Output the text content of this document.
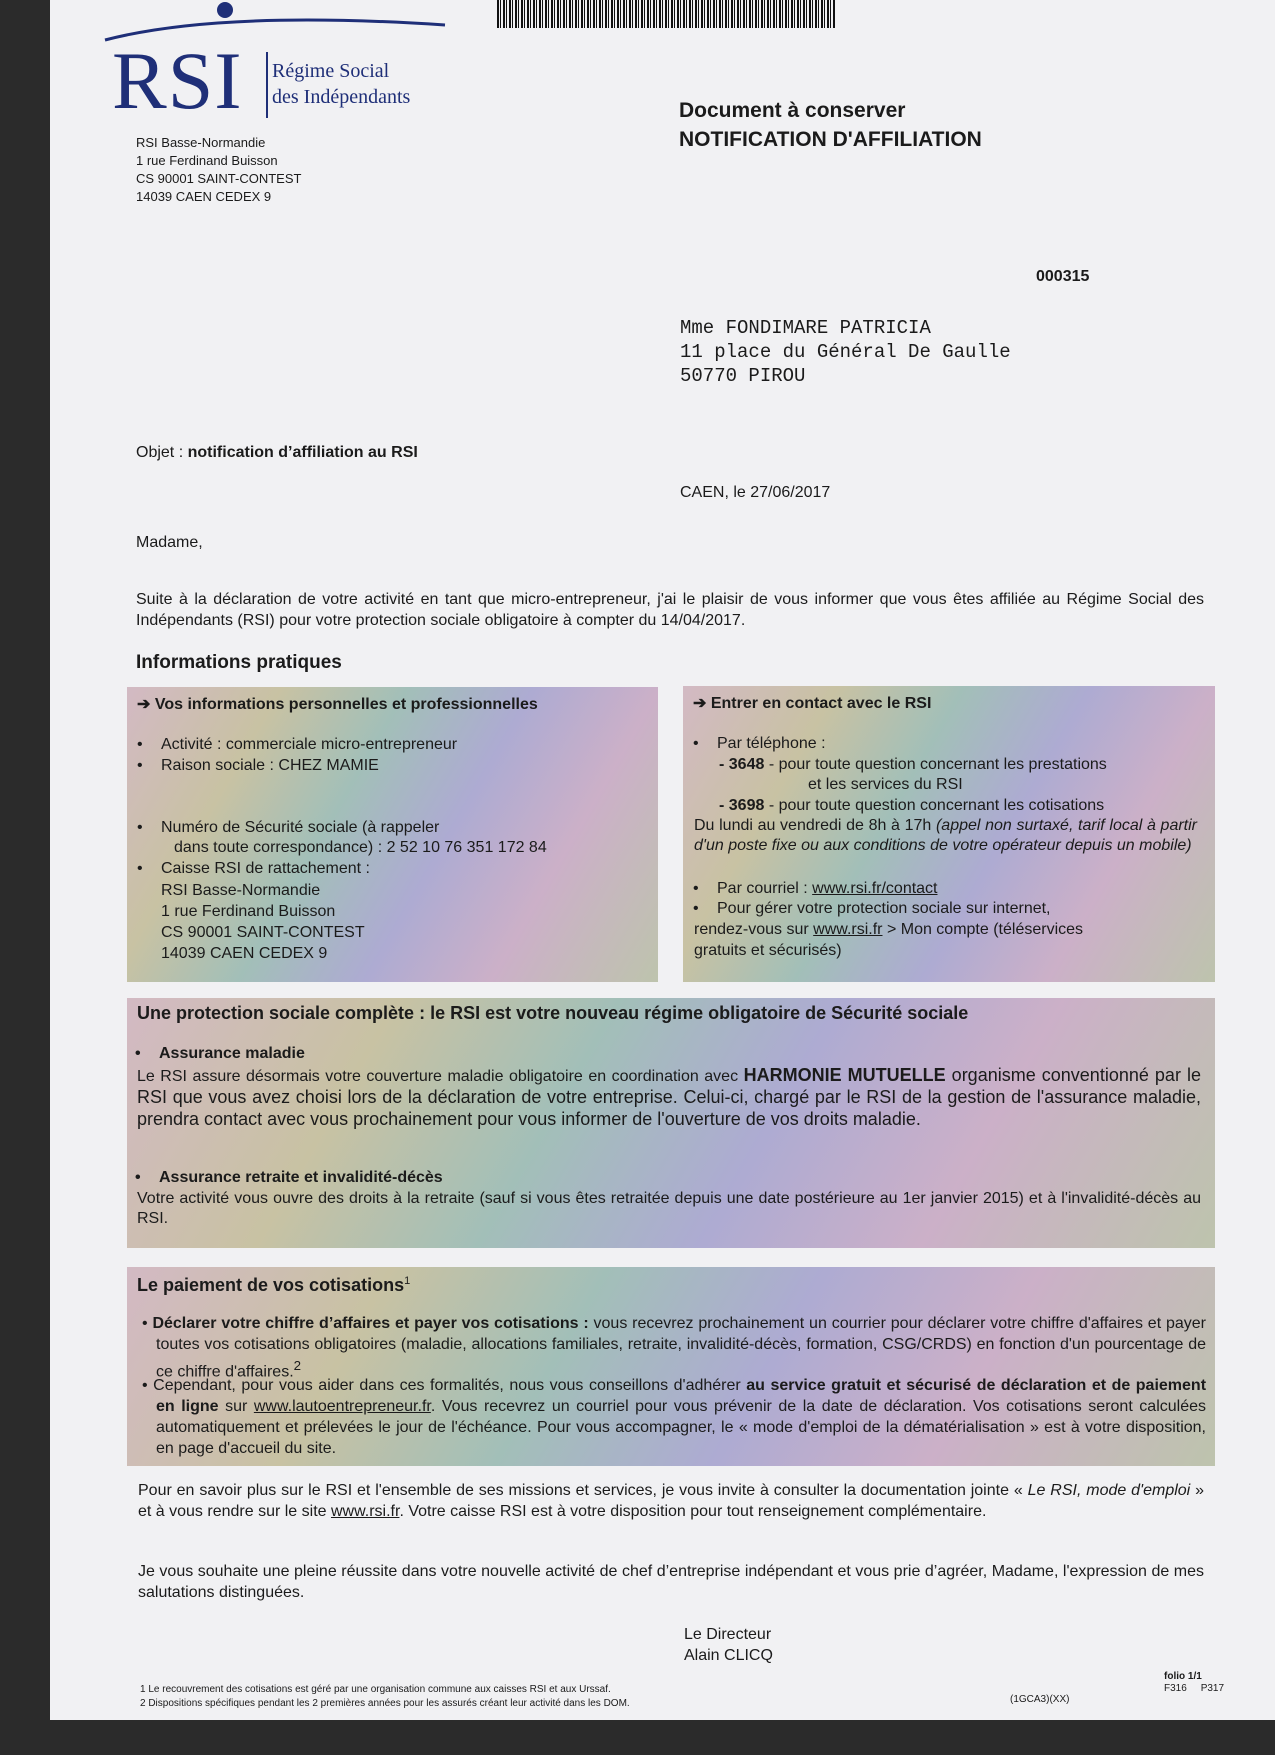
RSI Régime Social
des Indépendants
RSI Basse-Normandie
1 rue Ferdinand Buisson
CS 90001 SAINT-CONTEST
14039 CAEN CEDEX 9
Document à conserver
NOTIFICATION D'AFFILIATION
000315
Mme FONDIMARE PATRICIA
11 place du Général De Gaulle
50770 PIROU
Objet : notification d’affiliation au RSI
CAEN, le 27/06/2017
Madame,
Suite à la déclaration de votre activité en tant que micro-entrepreneur, j'ai le plaisir de vous informer que vous êtes affiliée au Régime Social des Indépendants (RSI) pour votre protection sociale obligatoire à compter du 14/04/2017.
Informations pratiques
➔ Vos informations personnelles et professionnelles
• Activité : commerciale micro-entrepreneur
• Raison sociale : CHEZ MAMIE
• Numéro de Sécurité sociale (à rappeler
dans toute correspondance) : 2 52 10 76 351 172 84
• Caisse RSI de rattachement :
RSI Basse-Normandie
1 rue Ferdinand Buisson
CS 90001 SAINT-CONTEST
14039 CAEN CEDEX 9
➔ Entrer en contact avec le RSI
• Par téléphone :
- 3648 - pour toute question concernant les prestations
et les services du RSI
- 3698 - pour toute question concernant les cotisations
Du lundi au vendredi de 8h à 17h (appel non surtaxé, tarif local à partir d'un poste fixe ou aux conditions de votre opérateur depuis un mobile)
• Par courriel : www.rsi.fr/contact
• Pour gérer votre protection sociale sur internet,
rendez-vous sur www.rsi.fr > Mon compte (téléservices
gratuits et sécurisés)
Une protection sociale complète : le RSI est votre nouveau régime obligatoire de Sécurité sociale
• Assurance maladie
Le RSI assure désormais votre couverture maladie obligatoire en coordination avec HARMONIE MUTUELLE organisme conventionné par le RSI que vous avez choisi lors de la déclaration de votre entreprise. Celui-ci, chargé par le RSI de la gestion de l'assurance maladie, prendra contact avec vous prochainement pour vous informer de l'ouverture de vos droits maladie.
• Assurance retraite et invalidité-décès
Votre activité vous ouvre des droits à la retraite (sauf si vous êtes retraitée depuis une date postérieure au 1er janvier 2015) et à l'invalidité-décès au RSI.
Le paiement de vos cotisations$^1$
• Déclarer votre chiffre d’affaires et payer vos cotisations : vous recevrez prochainement un courrier pour déclarer votre chiffre d'affaires et payer toutes vos cotisations obligatoires (maladie, allocations familiales, retraite, invalidité-décès, formation, CSG/CRDS) en fonction d'un pourcentage de ce chiffre d'affaires.$^2$
• Cependant, pour vous aider dans ces formalités, nous vous conseillons d'adhérer au service gratuit et sécurisé de déclaration et de paiement en ligne sur www.lautoentrepreneur.fr. Vous recevrez un courriel pour vous prévenir de la date de déclaration. Vos cotisations seront calculées automatiquement et prélevées le jour de l'échéance. Pour vous accompagner, le « mode d'emploi de la dématérialisation » est à votre disposition, en page d'accueil du site.
Pour en savoir plus sur le RSI et l'ensemble de ses missions et services, je vous invite à consulter la documentation jointe « Le RSI, mode d'emploi » et à vous rendre sur le site www.rsi.fr. Votre caisse RSI est à votre disposition pour tout renseignement complémentaire.
Je vous souhaite une pleine réussite dans votre nouvelle activité de chef d’entreprise indépendant et vous prie d’agréer, Madame, l'expression de mes salutations distinguées.
Le Directeur
Alain CLICQ
1 Le recouvrement des cotisations est géré par une organisation commune aux caisses RSI et aux Urssaf.
2 Dispositions spécifiques pendant les 2 premières années pour les assurés créant leur activité dans les DOM.
folio 1/1
F316 P317
(1GCA3)(XX)
